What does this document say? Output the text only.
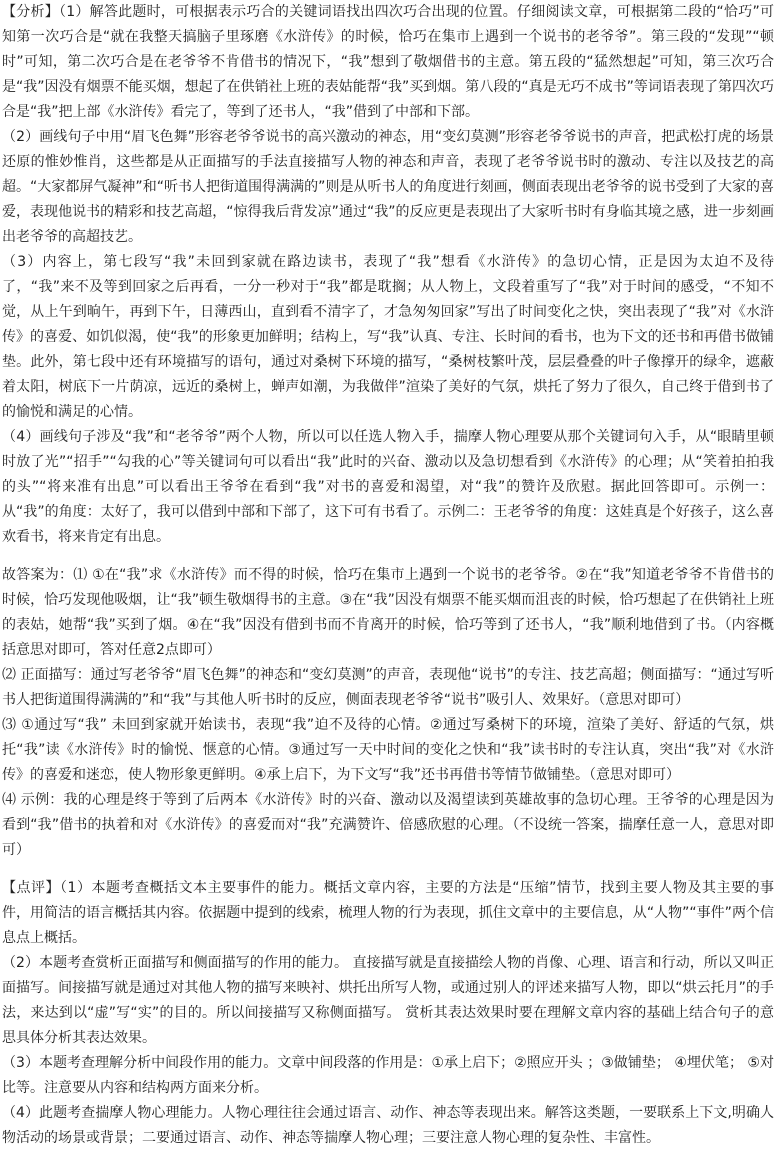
【分析】（1）解答此题时，可根据表示巧合的关键词语找出四次巧合出现的位置。仔细阅读文章，可根据第二段的“恰巧”可知第一次巧合是“就在我整天搞脑子里琢磨《水浒传》的时候，恰巧在集市上遇到一个说书的老爷爷”。第三段的“发现”“顿时”可知，第二次巧合是在老爷爷不肯借书的情况下，“我”想到了敬烟借书的主意。第五段的“猛然想起”可知，第三次巧合是“我”因没有烟票不能买烟，想起了在供销社上班的表姑能帮“我”买到烟。第八段的“真是无巧不成书”等词语表现了第四次巧合是“我”把上部《水浒传》看完了，等到了还书人，“我”借到了中部和下部。

（2）画线句子中用“眉飞色舞”形容老爷爷说书的高兴激动的神态，用“变幻莫测”形容老爷爷说书的声音，把武松打虎的场景还原的惟妙惟肖，这些都是从正面描写的手法直接描写人物的神态和声音，表现了老爷爷说书时的激动、专注以及技艺的高超。“大家都屏气凝神”和“听书人把街道围得满满的”则是从听书人的角度进行刻画，侧面表现出老爷爷的说书受到了大家的喜爱，表现他说书的精彩和技艺高超，“惊得我后背发凉”通过“我”的反应更是表现出了大家听书时有身临其境之感，进一步刻画出老爷爷的高超技艺。

（3）内容上，第七段写“我”未回到家就在路边读书，表现了“我”想看《水浒传》的急切心情，正是因为太迫不及待了，“我”来不及等到回家之后再看，一分一秒对于“我”都是耽搁；从人物上，文段着重写了“我”对于时间的感受，“不知不觉，从上午到晌午，再到下午，日薄西山，直到看不清字了，才急匆匆回家”写出了时间变化之快，突出表现了“我”对《水浒传》的喜爱、如饥似渴，使“我”的形象更加鲜明；结构上，写“我”认真、专注、长时间的看书，也为下文的还书和再借书做铺垫。此外，第七段中还有环境描写的语句，通过对桑树下环境的描写，“桑树枝繁叶茂，层层叠叠的叶子像撑开的绿伞，遮蔽着太阳，树底下一片荫凉，远近的桑树上，蝉声如潮，为我做伴”渲染了美好的气氛，烘托了努力了很久，自己终于借到书了的愉悦和满足的心情。

（4）画线句子涉及“我”和“老爷爷”两个人物，所以可以任选人物入手，揣摩人物心理要从那个关键词句入手，从“眼睛里顿时放了光”“招手”“勾我的心”等关键词句可以看出“我”此时的兴奋、激动以及急切想看到《水浒传》的心理；从“笑着拍拍我的头”“将来准有出息”可以看出王爷爷在看到“我”对书的喜爱和渴望，对“我”的赞许及欣慰。据此回答即可。示例一：从“我”的角度：太好了，我可以借到中部和下部了，这下可有书看了。示例二：王老爷爷的角度：这娃真是个好孩子，这么喜欢看书，将来肯定有出息。

故答案为：⑴ ①在“我”求《水浒传》而不得的时候，恰巧在集市上遇到一个说书的老爷爷。②在“我”知道老爷爷不肯借书的时候，恰巧发现他吸烟，让“我”顿生敬烟得书的主意。③在“我”因没有烟票不能买烟而沮丧的时候，恰巧想起了在供销社上班的表姑，她帮“我”买到了烟。④在“我”因没有借到书而不肯离开的时候，恰巧等到了还书人，“我”顺利地借到了书。（内容概括意思对即可，答对任意2点即可）

⑵ 正面描写：通过写老爷爷“眉飞色舞”的神态和“变幻莫测”的声音，表现他“说书”的专注、技艺高超；侧面描写：“通过写听书人把街道围得满满的”和“我”与其他人听书时的反应，侧面表现老爷爷“说书”吸引人、效果好。（意思对即可）

⑶ ①通过写“我” 未回到家就开始读书，表现“我”迫不及待的心情。②通过写桑树下的环境，渲染了美好、舒适的气氛，烘托“我”读《水浒传》时的愉悦、惬意的心情。③通过写一天中时间的变化之快和“我”读书时的专注认真，突出“我”对《水浒传》的喜爱和迷恋，使人物形象更鲜明。④承上启下，为下文写“我”还书再借书等情节做铺垫。（意思对即可）

⑷ 示例：我的心理是终于等到了后两本《水浒传》时的兴奋、激动以及渴望读到英雄故事的急切心理。王爷爷的心理是因为看到“我”借书的执着和对《水浒传》的喜爱而对“我”充满赞许、倍感欣慰的心理。（不设统一答案，揣摩任意一人，意思对即可）

【点评】（1）本题考查概括文本主要事件的能力。概括文章内容，主要的方法是“压缩”情节，找到主要人物及其主要的事件，用简洁的语言概括其内容。依据题中提到的线索，梳理人物的行为表现，抓住文章中的主要信息，从“人物”“事件”两个信息点上概括。

（2）本题考查赏析正面描写和侧面描写的作用的能力。 直接描写就是直接描绘人物的肖像、心理、语言和行动，所以又叫正面描写。间接描写就是通过对其他人物的描写来映衬、烘托出所写人物，或通过别人的评述来描写人物，即以“烘云托月”的手法，来达到以“虚”写“实”的目的。所以间接描写又称侧面描写。 赏析其表达效果时要在理解文章内容的基础上结合句子的意思具体分析其表达效果。

（3）本题考查理解分析中间段作用的能力。文章中间段落的作用是：①承上启下；②照应开头 ；③做铺垫； ④埋伏笔； ⑤对比等。注意要从内容和结构两方面来分析。

（4）此题考查揣摩人物心理能力。人物心理往往会通过语言、动作、神态等表现出来。解答这类题，一要联系上下文,明确人物活动的场景或背景；二要通过语言、动作、神态等揣摩人物心理；三要注意人物心理的复杂性、丰富性。
